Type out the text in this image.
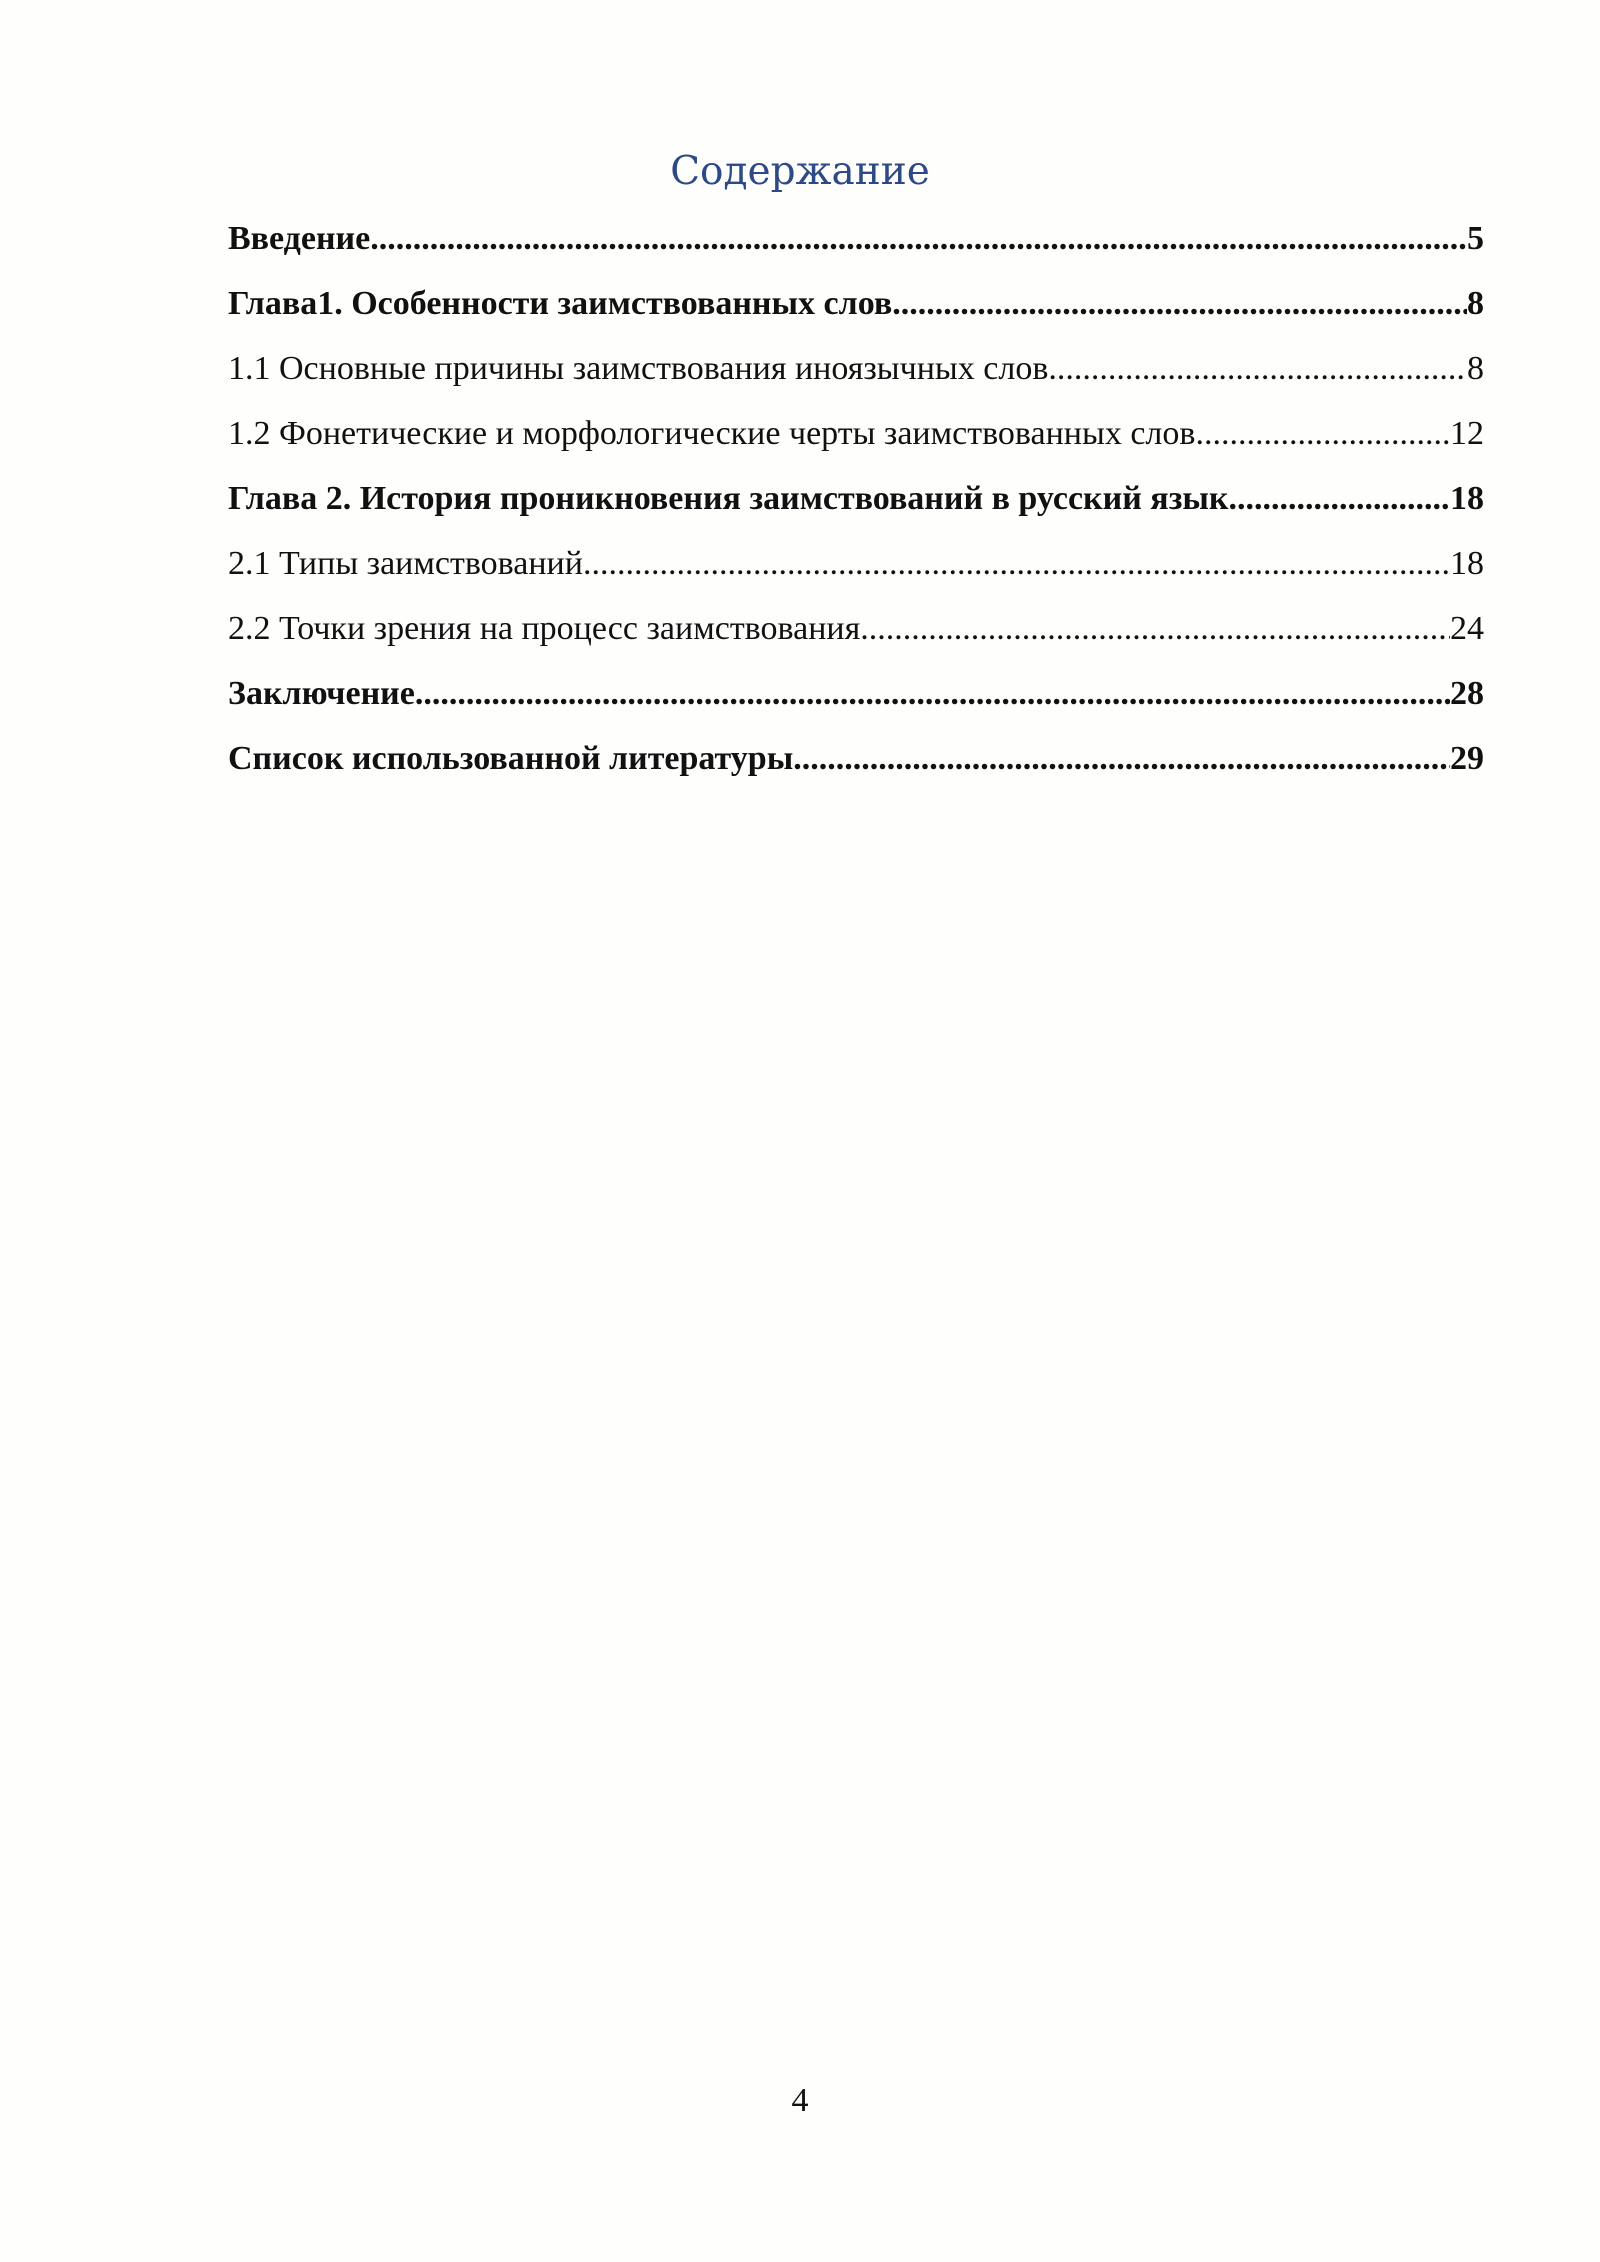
Содержание
Введение .....	5
Глава1. Особенности заимствованных слов .....	8
1.1 Основные причины заимствования иноязычных слов .....	8
1.2 Фонетические и морфологические черты заимствованных слов .....	12
Глава 2. История проникновения заимствований в русский язык .....	18
2.1 Типы заимствований .....	18
2.2 Точки зрения на процесс заимствования .....	24
Заключение .....	28
Список использованной литературы .....	29
4
